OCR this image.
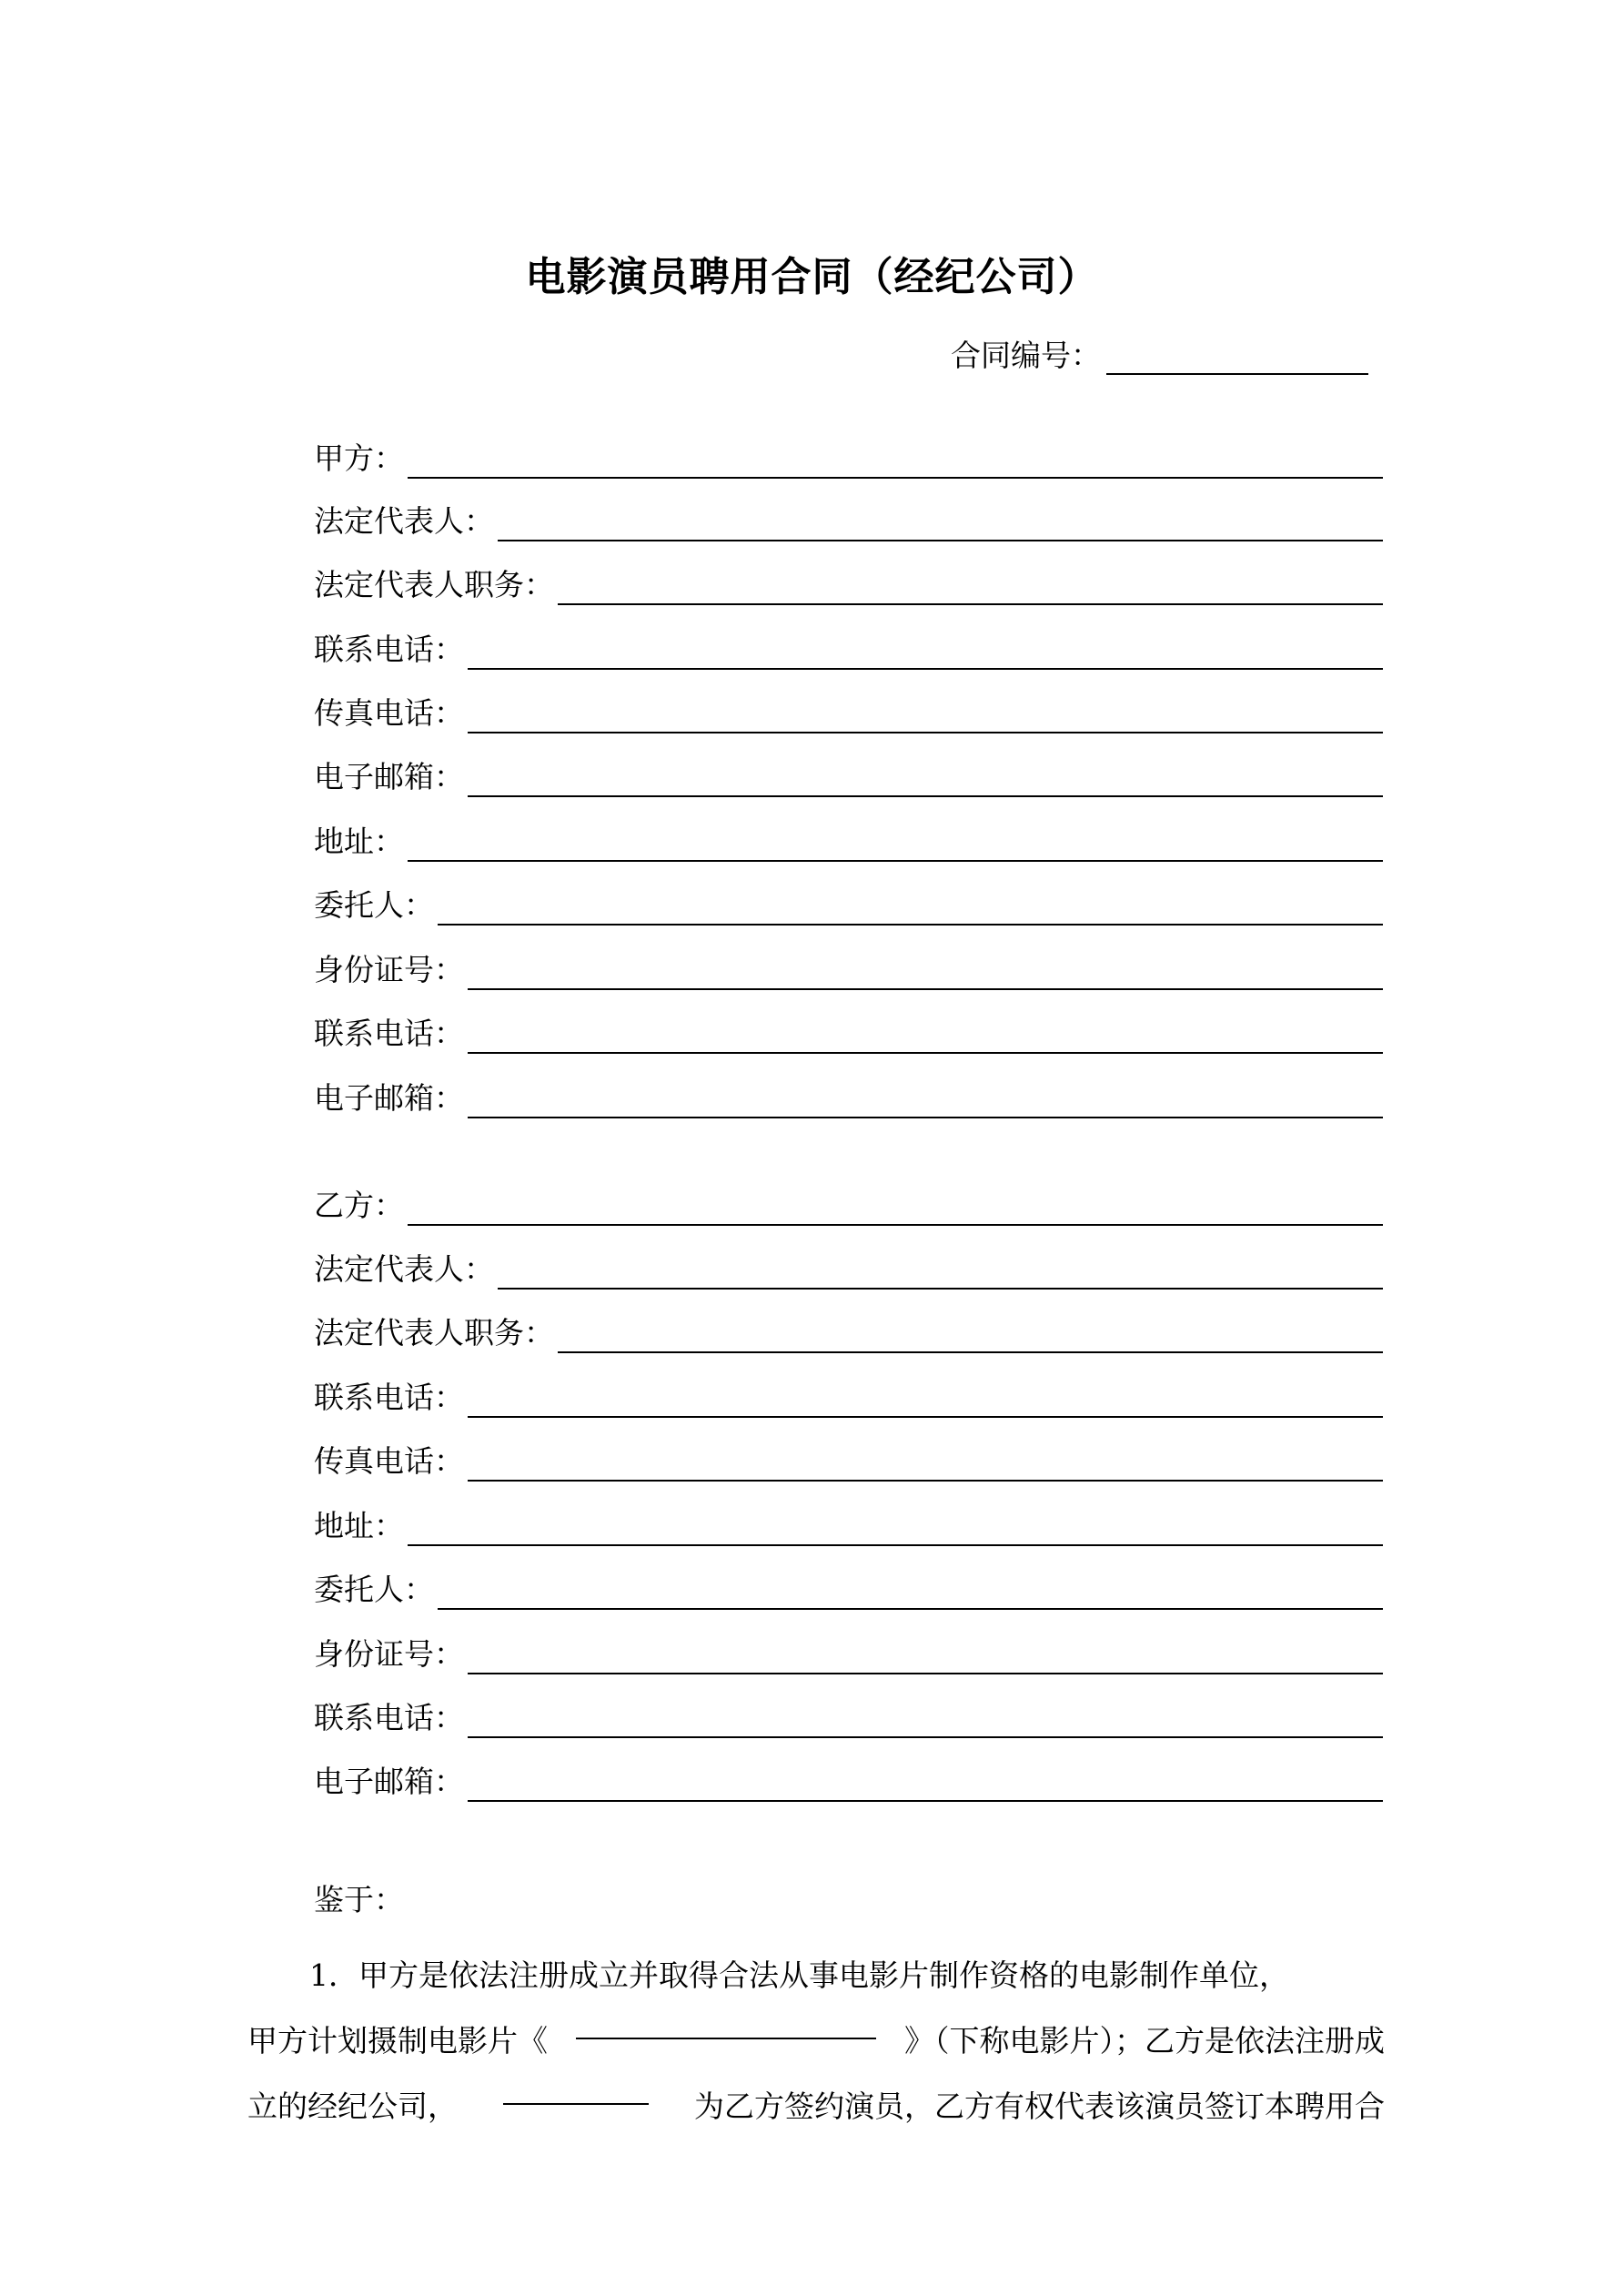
电影演员聘用合同（经纪公司）
合同编号：
甲方：
法定代表人：
法定代表人职务：
联系电话：
传真电话：
电子邮箱：
地址：
委托人：
身份证号：
联系电话：
电子邮箱：
乙方：
法定代表人：
法定代表人职务：
联系电话：
传真电话：
地址：
委托人：
身份证号：
联系电话：
电子邮箱：
鉴于：
1．甲方是依法注册成立并取得合法从事电影片制作资格的电影制作单位，
甲方计划摄制电影片《	》（下称电影片）；乙方是依法注册成
立的经纪公司，	为乙方签约演员，乙方有权代表该演员签订本聘用合
